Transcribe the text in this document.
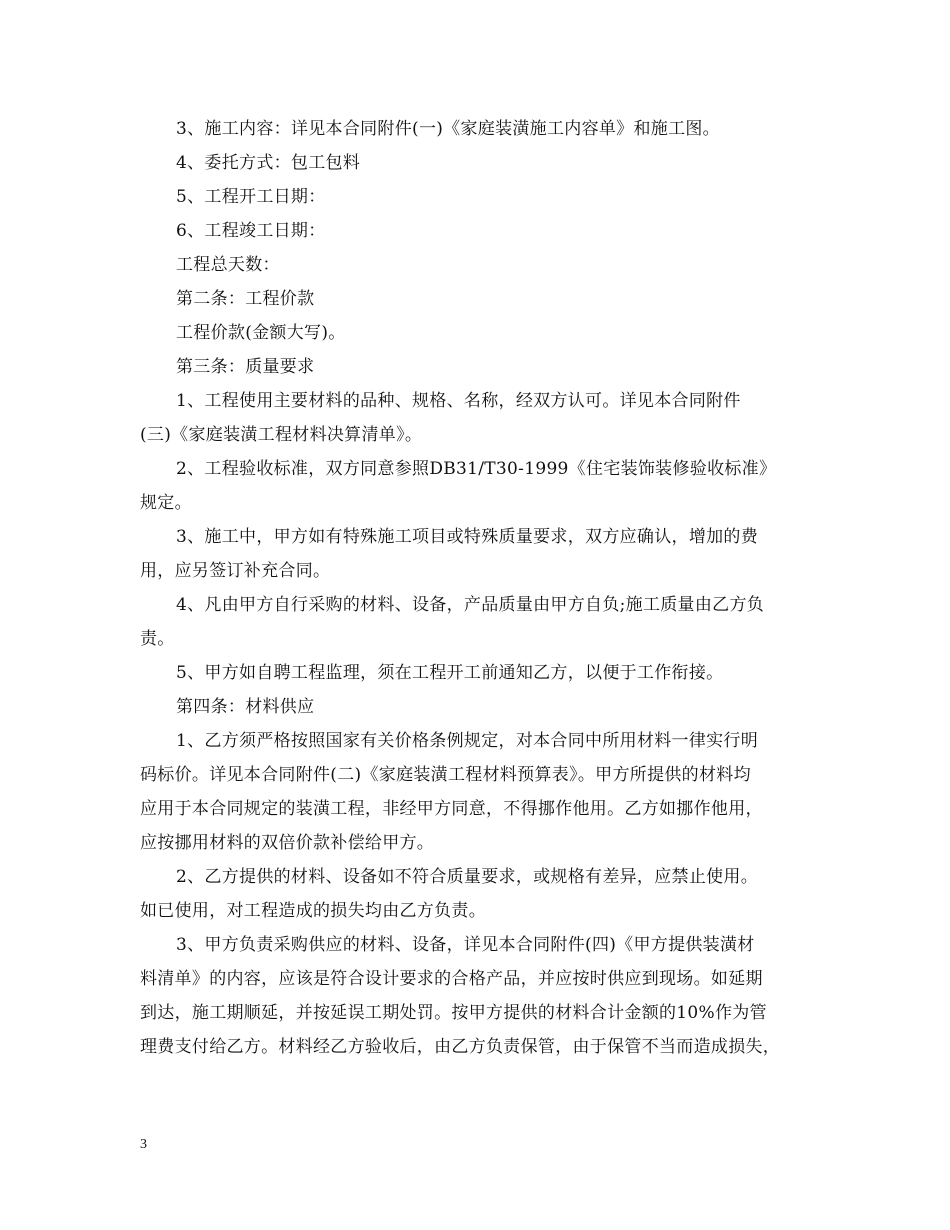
3、施工内容：详见本合同附件(一)《家庭装潢施工内容单》和施工图。
4、委托方式：包工包料
5、工程开工日期：
6、工程竣工日期：
工程总天数：
第二条：工程价款
工程价款(金额大写)。
第三条：质量要求
1、工程使用主要材料的品种、规格、名称，经双方认可。详见本合同附件
(三)《家庭装潢工程材料决算清单》。
2、工程验收标准，双方同意参照DB31/T30-1999《住宅装饰装修验收标准》
规定。
3、施工中，甲方如有特殊施工项目或特殊质量要求，双方应确认，增加的费
用，应另签订补充合同。
4、凡由甲方自行采购的材料、设备，产品质量由甲方自负;施工质量由乙方负
责。
5、甲方如自聘工程监理，须在工程开工前通知乙方，以便于工作衔接。
第四条：材料供应
1、乙方须严格按照国家有关价格条例规定，对本合同中所用材料一律实行明
码标价。详见本合同附件(二)《家庭装潢工程材料预算表》。甲方所提供的材料均
应用于本合同规定的装潢工程，非经甲方同意，不得挪作他用。乙方如挪作他用，
应按挪用材料的双倍价款补偿给甲方。
2、乙方提供的材料、设备如不符合质量要求，或规格有差异，应禁止使用。
如已使用，对工程造成的损失均由乙方负责。
3、甲方负责采购供应的材料、设备，详见本合同附件(四)《甲方提供装潢材
料清单》的内容，应该是符合设计要求的合格产品，并应按时供应到现场。如延期
到达，施工期顺延，并按延误工期处罚。按甲方提供的材料合计金额的10%作为管
理费支付给乙方。材料经乙方验收后，由乙方负责保管，由于保管不当而造成损失，
3
